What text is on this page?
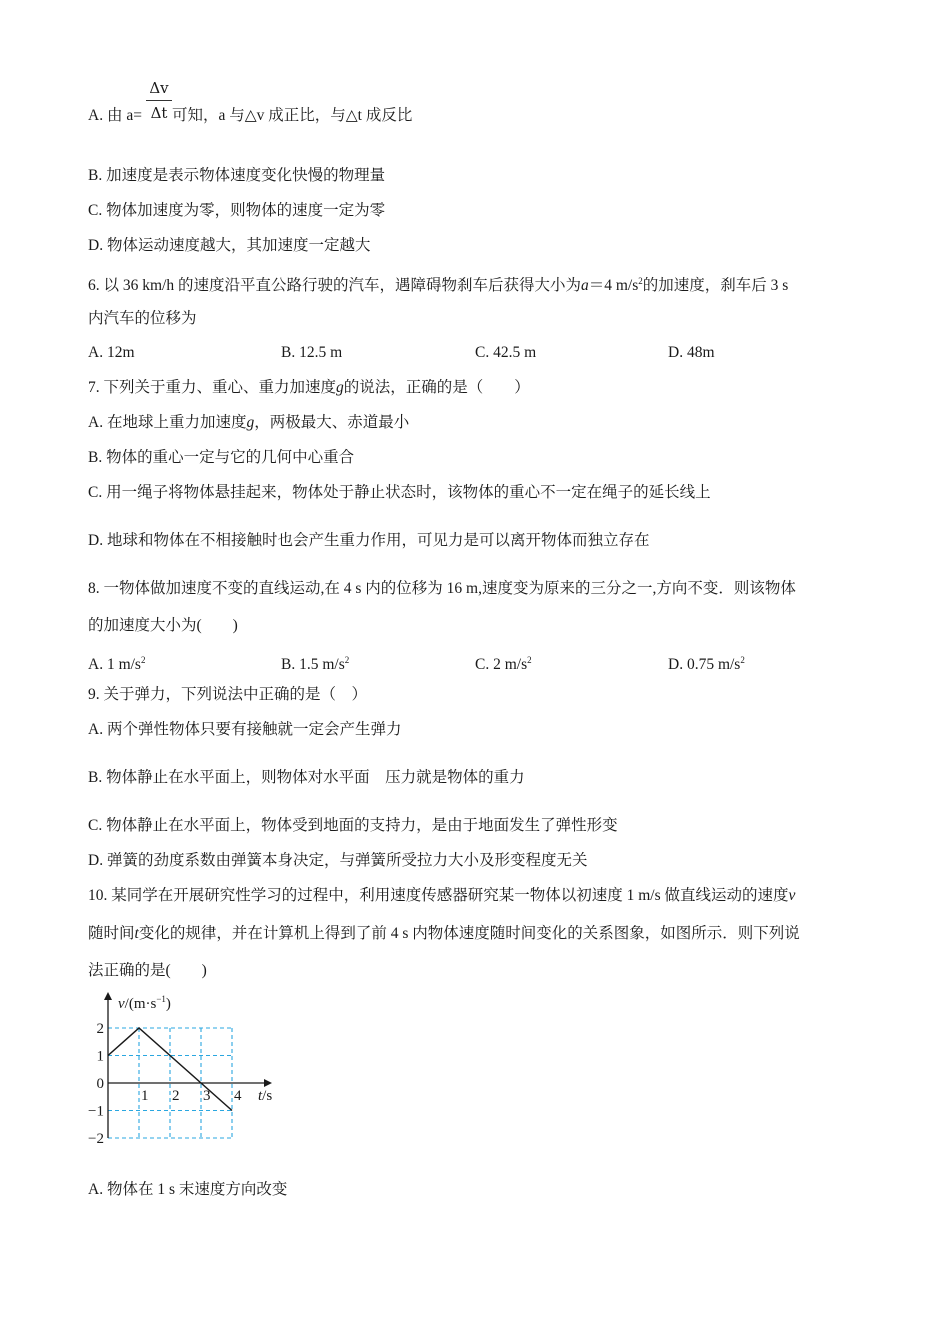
A. 由 a= 可知，a 与△v 成正比，与△t 成反比
Δv
Δt
B. 加速度是表示物体速度变化快慢的物理量
C. 物体加速度为零，则物体的速度一定为零
D. 物体运动速度越大，其加速度一定越大
6. 以 36 km/h 的速度沿平直公路行驶的汽车，遇障碍物刹车后获得大小为a＝4 $m/s^2$的加速度，刹车后 3 s
内汽车的位移为
A. 12m	B. 12.5 m	C. 42.5 m	D. 48m
7. 下列关于重力、重心、重力加速度g的说法，正确的是（　　）
A. 在地球上重力加速度g，两极最大、赤道最小
B. 物体的重心一定与它的几何中心重合
C. 用一绳子将物体悬挂起来，物体处于静止状态时，该物体的重心不一定在绳子的延长线上
D. 地球和物体在不相接触时也会产生重力作用，可见力是可以离开物体而独立存在
8. 一物体做加速度不变的直线运动,在 4 s 内的位移为 16 m,速度变为原来的三分之一,方向不变．则该物体
的加速度大小为(　　)
A. 1 $m/s^2$	B. 1.5 $m/s^2$	C. 2 $m/s^2$	D. 0.75 $m/s^2$
9. 关于弹力，下列说法中正确的是（　）
A. 两个弹性物体只要有接触就一定会产生弹力
B. 物体静止在水平面上，则物体对水平面　压力就是物体的重力
C. 物体静止在水平面上，物体受到地面的支持力，是由于地面发生了弹性形变
D. 弹簧的劲度系数由弹簧本身决定，与弹簧所受拉力大小及形变程度无关
10. 某同学在开展研究性学习的过程中，利用速度传感器研究某一物体以初速度 1 m/s 做直线运动的速度v
随时间t变化的规律，并在计算机上得到了前 4 s 内物体速度随时间变化的关系图象，如图所示．则下列说
法正确的是(　　)
$v/(m\cdot s^{-1})$
t/s
1 2 3 4
2
1
0
−1
−2
A. 物体在 1 s 末速度方向改变
